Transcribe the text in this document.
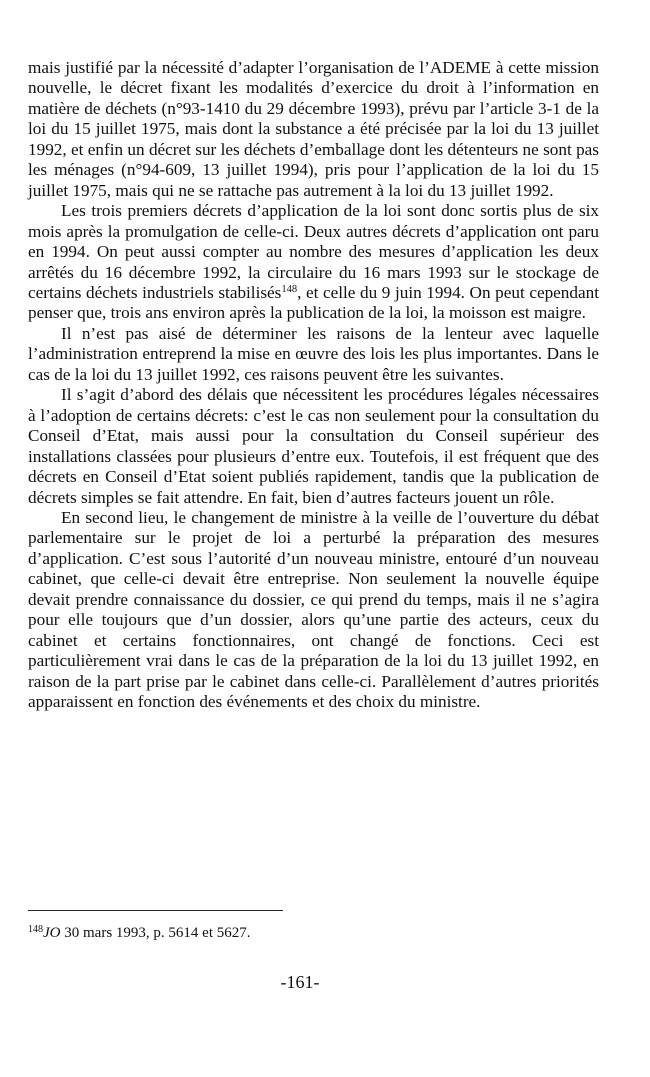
mais justifié par la nécessité d’adapter l’organisation de l’ADEME à cette mission nouvelle, le décret fixant les modalités d’exercice du droit à l’information en matière de déchets (n°93-1410 du 29 décembre 1993), prévu par l’article 3-1 de la loi du 15 juillet 1975, mais dont la substance a été précisée par la loi du 13 juillet 1992, et enfin un décret sur les déchets d’emballage dont les détenteurs ne sont pas les ménages (n°94-609, 13 juillet 1994), pris pour l’application de la loi du 15 juillet 1975, mais qui ne se rattache pas autrement à la loi du 13 juillet 1992.

Les trois premiers décrets d’application de la loi sont donc sortis plus de six mois après la promulgation de celle-ci. Deux autres décrets d’application ont paru en 1994. On peut aussi compter au nombre des mesures d’application les deux arrêtés du 16 décembre 1992, la circulaire du 16 mars 1993 sur le stockage de certains déchets industriels stabilisés$^{148}$, et celle du 9 juin 1994. On peut cependant penser que, trois ans environ après la publication de la loi, la moisson est maigre.

Il n’est pas aisé de déterminer les raisons de la lenteur avec laquelle l’administration entreprend la mise en œuvre des lois les plus importantes. Dans le cas de la loi du 13 juillet 1992, ces raisons peuvent être les suivantes.

Il s’agit d’abord des délais que nécessitent les procédures légales nécessaires à l’adoption de certains décrets: c’est le cas non seulement pour la consultation du Conseil d’Etat, mais aussi pour la consultation du Conseil supérieur des installations classées pour plusieurs d’entre eux. Toutefois, il est fréquent que des décrets en Conseil d’Etat soient publiés rapidement, tandis que la publication de décrets simples se fait attendre. En fait, bien d’autres facteurs jouent un rôle.

En second lieu, le changement de ministre à la veille de l’ouverture du débat parlementaire sur le projet de loi a perturbé la préparation des mesures d’application. C’est sous l’autorité d’un nouveau ministre, entouré d’un nouveau cabinet, que celle-ci devait être entreprise. Non seulement la nouvelle équipe devait prendre connaissance du dossier, ce qui prend du temps, mais il ne s’agira pour elle toujours que d’un dossier, alors qu’une partie des acteurs, ceux du cabinet et certains fonctionnaires, ont changé de fonctions. Ceci est particulièrement vrai dans le cas de la préparation de la loi du 13 juillet 1992, en raison de la part prise par le cabinet dans celle-ci. Parallèlement d’autres priorités apparaissent en fonction des événements et des choix du ministre.

$^{148}$JO 30 mars 1993, p. 5614 et 5627.
-161-
